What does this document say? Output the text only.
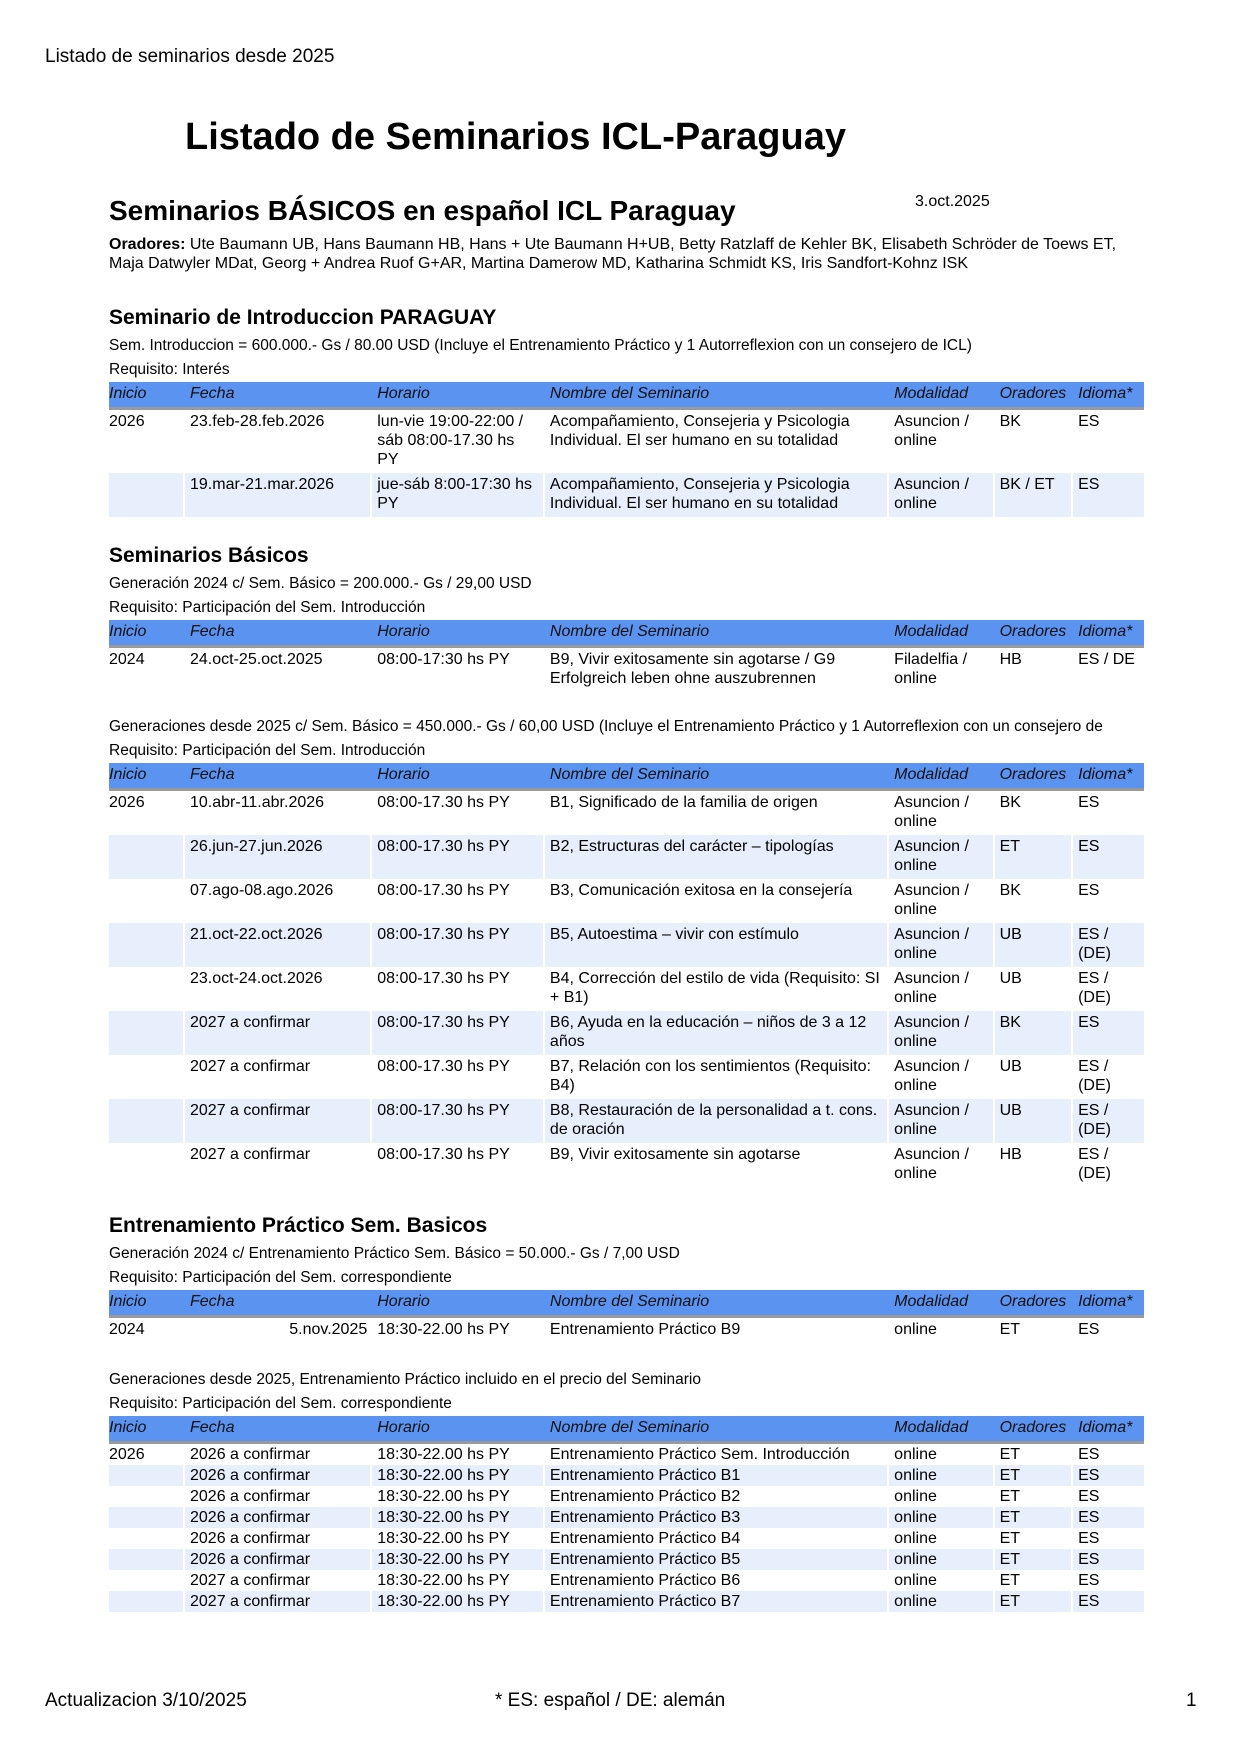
Listado de seminarios desde 2025
Listado de Seminarios ICL-Paraguay
Seminarios BÁSICOS en español ICL Paraguay	3.oct.2025
Oradores: Ute Baumann UB, Hans Baumann HB, Hans + Ute Baumann H+UB, Betty Ratzlaff de Kehler BK, Elisabeth Schröder de Toews ET, Maja Datwyler MDat, Georg + Andrea Ruof G+AR, Martina Damerow MD, Katharina Schmidt KS, Iris Sandfort-Kohnz ISK
Seminario de Introduccion PARAGUAY

Sem. Introduccion = 600.000.- Gs / 80.00 USD (Incluye el Entrenamiento Práctico y 1 Autorreflexion con un consejero de ICL)

Requisito: Interés

Inicio	Fecha	Horario	Nombre del Seminario	Modalidad	Oradores	Idioma*
2026	23.feb-28.feb.2026	lun-vie 19:00-22:00 / sáb 08:00-17.30 hs PY	Acompañamiento, Consejeria y Psicologia Individual. El ser humano en su totalidad	Asuncion / online	BK	ES
	19.mar-21.mar.2026	jue-sáb 8:00-17:30 hs PY	Acompañamiento, Consejeria y Psicologia Individual. El ser humano en su totalidad	Asuncion / online	BK / ET	ES
Seminarios Básicos

Generación 2024 c/ Sem. Básico = 200.000.- Gs / 29,00 USD

Requisito: Participación del Sem. Introducción

Inicio	Fecha	Horario	Nombre del Seminario	Modalidad	Oradores	Idioma*
2024	24.oct-25.oct.2025	08:00-17:30 hs PY	B9, Vivir exitosamente sin agotarse / G9 Erfolgreich leben ohne auszubrennen	Filadelfia / online	HB	ES / DE

Generaciones desde 2025 c/ Sem. Básico = 450.000.- Gs / 60,00 USD (Incluye el Entrenamiento Práctico y 1 Autorreflexion con un consejero de

Requisito: Participación del Sem. Introducción

Inicio	Fecha	Horario	Nombre del Seminario	Modalidad	Oradores	Idioma*
2026	10.abr-11.abr.2026	08:00-17.30 hs PY	B1, Significado de la familia de origen	Asuncion / online	BK	ES
	26.jun-27.jun.2026	08:00-17.30 hs PY	B2, Estructuras del carácter – tipologías	Asuncion / online	ET	ES
	07.ago-08.ago.2026	08:00-17.30 hs PY	B3, Comunicación exitosa en la consejería	Asuncion / online	BK	ES
	21.oct-22.oct.2026	08:00-17.30 hs PY	B5, Autoestima – vivir con estímulo	Asuncion / online	UB	ES / (DE)
	23.oct-24.oct.2026	08:00-17.30 hs PY	B4, Corrección del estilo de vida (Requisito: SI + B1)	Asuncion / online	UB	ES / (DE)
	2027 a confirmar	08:00-17.30 hs PY	B6, Ayuda en la educación – niños de 3 a 12 años	Asuncion / online	BK	ES
	2027 a confirmar	08:00-17.30 hs PY	B7, Relación con los sentimientos (Requisito: B4)	Asuncion / online	UB	ES / (DE)
	2027 a confirmar	08:00-17.30 hs PY	B8, Restauración de la personalidad a t. cons. de oración	Asuncion / online	UB	ES / (DE)
	2027 a confirmar	08:00-17.30 hs PY	B9, Vivir exitosamente sin agotarse	Asuncion / online	HB	ES / (DE)
Entrenamiento Práctico Sem. Basicos

Generación 2024 c/ Entrenamiento Práctico Sem. Básico = 50.000.- Gs / 7,00 USD

Requisito: Participación del Sem. correspondiente

Inicio	Fecha	Horario	Nombre del Seminario	Modalidad	Oradores	Idioma*
2024	5.nov.2025	18:30-22.00 hs PY	Entrenamiento Práctico B9	online	ET	ES

Generaciones desde 2025, Entrenamiento Práctico incluido en el precio del Seminario

Requisito: Participación del Sem. correspondiente

Inicio	Fecha	Horario	Nombre del Seminario	Modalidad	Oradores	Idioma*
2026	2026 a confirmar	18:30-22.00 hs PY	Entrenamiento Práctico Sem. Introducción	online	ET	ES
	2026 a confirmar	18:30-22.00 hs PY	Entrenamiento Práctico B1	online	ET	ES
	2026 a confirmar	18:30-22.00 hs PY	Entrenamiento Práctico B2	online	ET	ES
	2026 a confirmar	18:30-22.00 hs PY	Entrenamiento Práctico B3	online	ET	ES
	2026 a confirmar	18:30-22.00 hs PY	Entrenamiento Práctico B4	online	ET	ES
	2026 a confirmar	18:30-22.00 hs PY	Entrenamiento Práctico B5	online	ET	ES
	2027 a confirmar	18:30-22.00 hs PY	Entrenamiento Práctico B6	online	ET	ES
	2027 a confirmar	18:30-22.00 hs PY	Entrenamiento Práctico B7	online	ET	ES
Actualizacion 3/10/2025	* ES: español / DE: alemán	1
